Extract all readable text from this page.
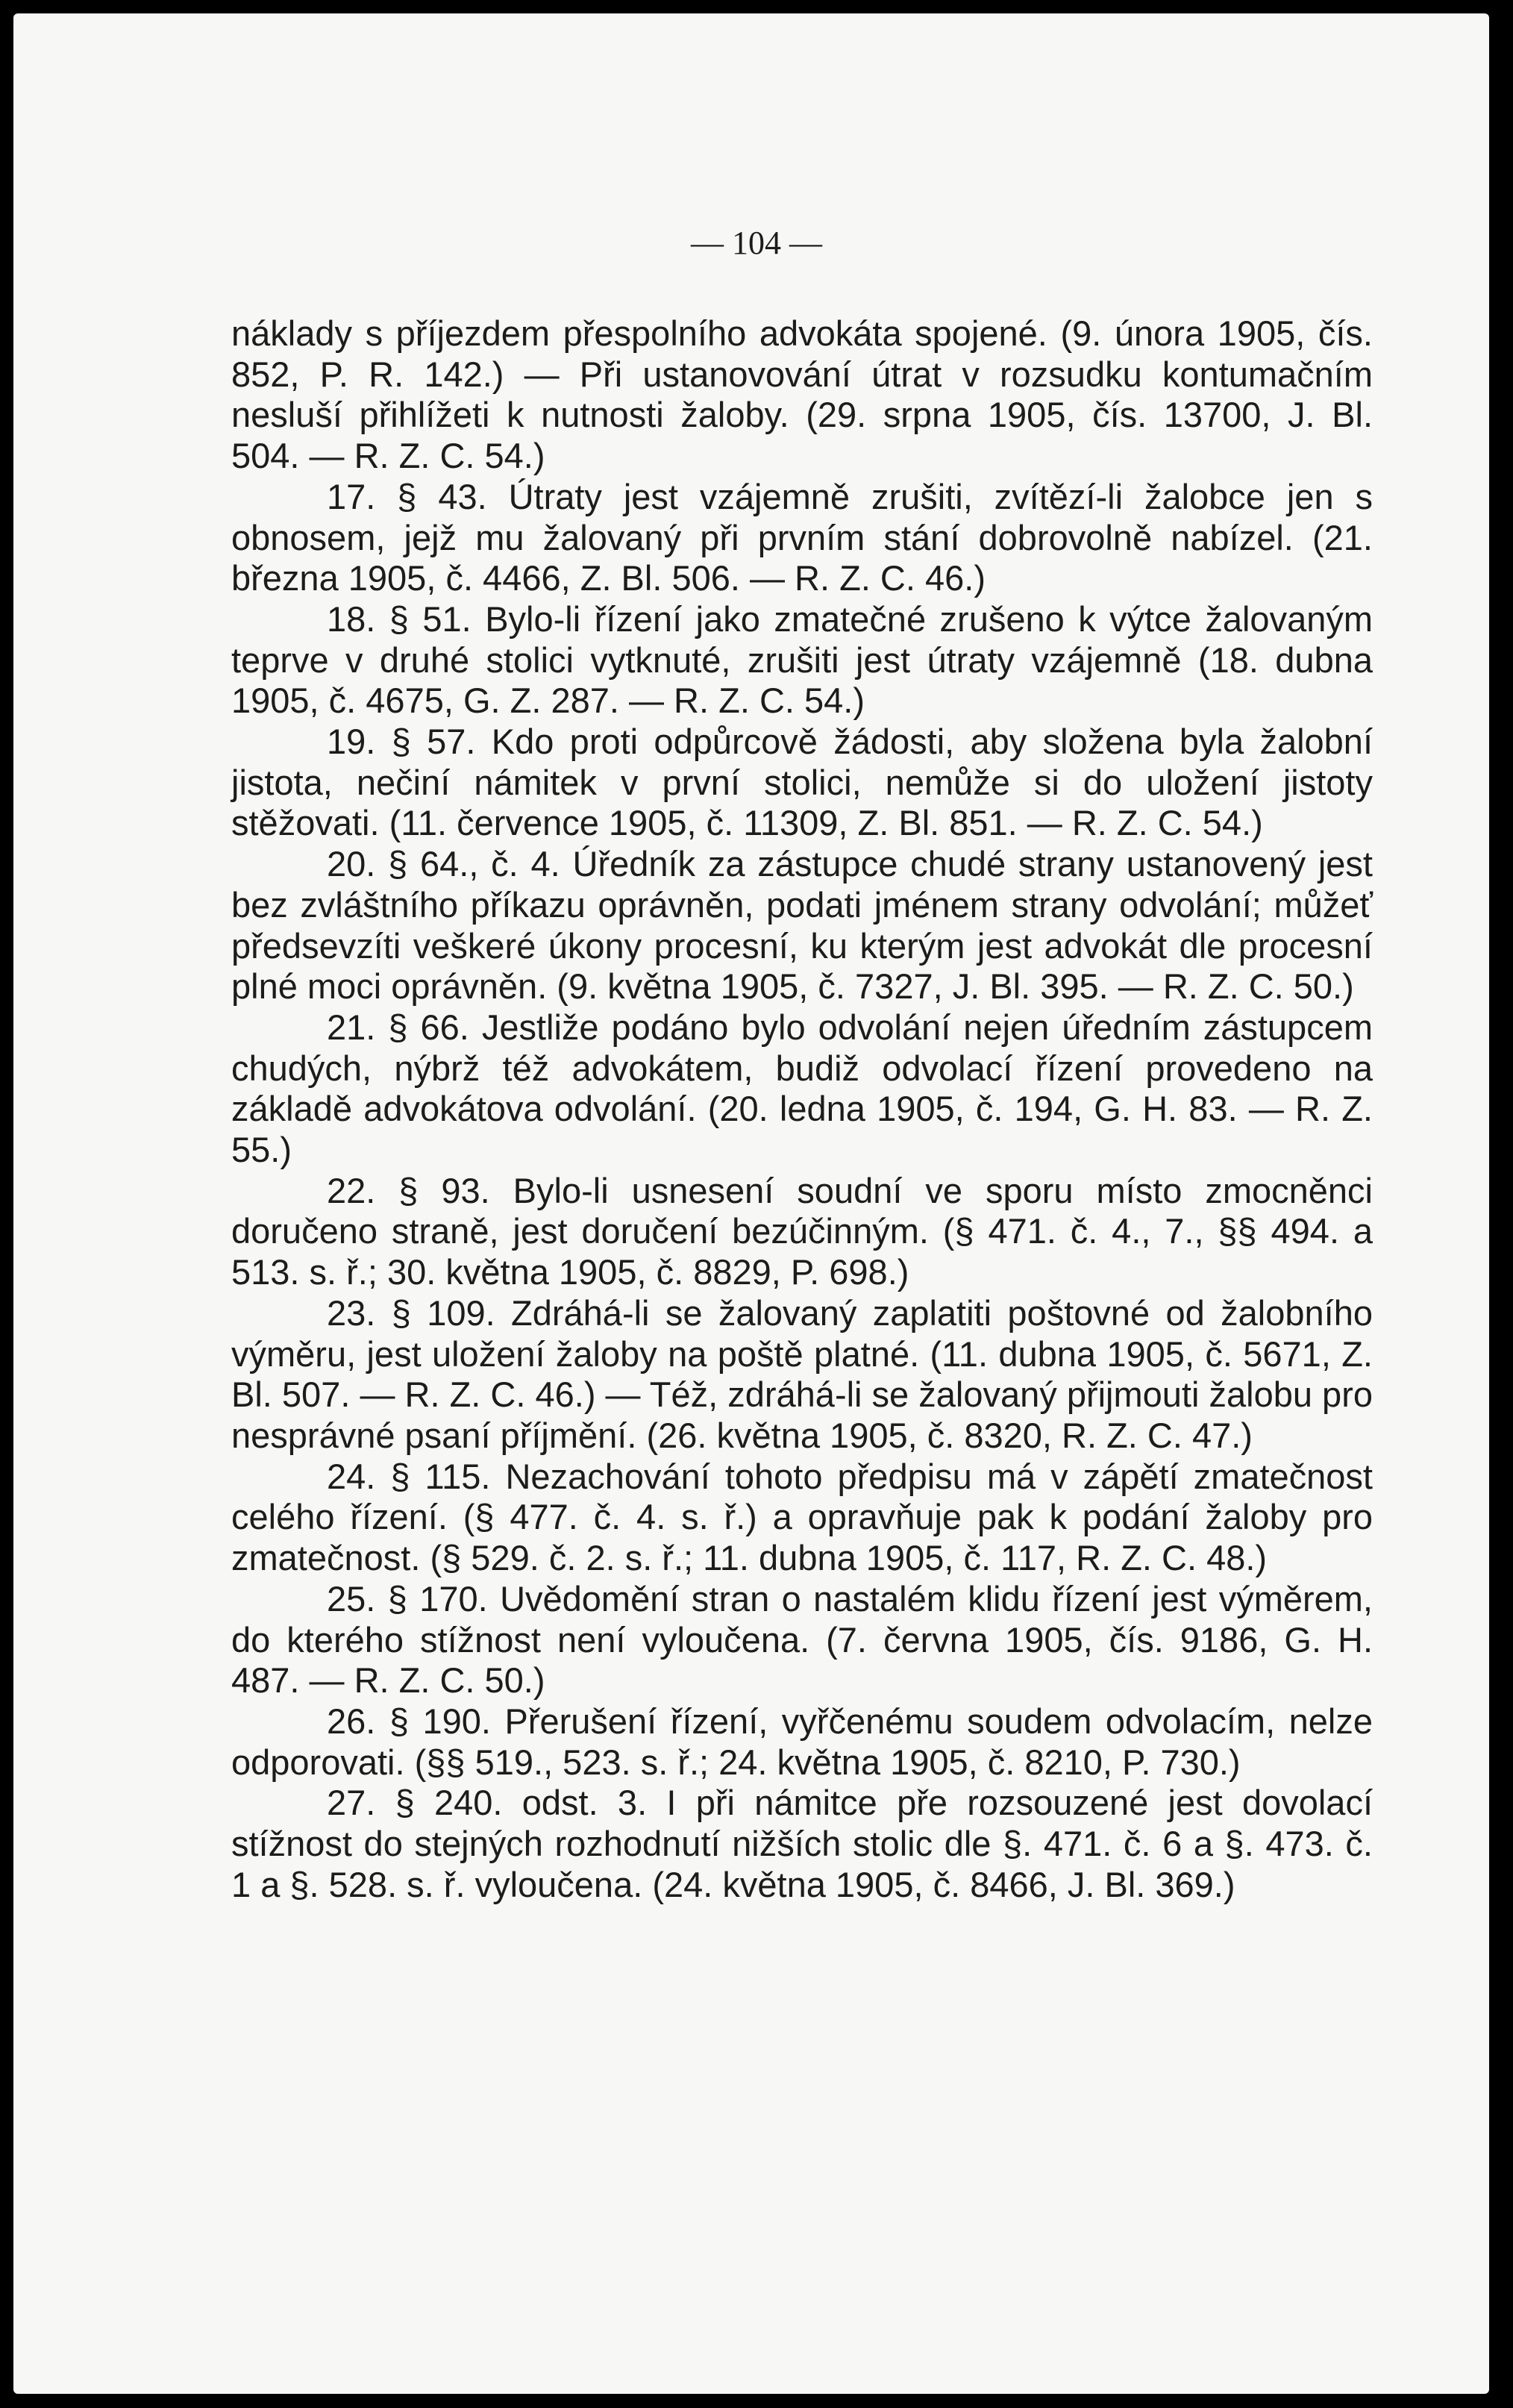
— 104 —

náklady s příjezdem přespolního advokáta spojené. (9. února 1905, čís. 852, P. R. 142.) — Při ustanovování útrat v rozsudku kontumačním nesluší přihlížeti k nutnosti žaloby. (29. srpna 1905, čís. 13700, J. Bl. 504. — R. Z. C. 54.)

17. § 43. Útraty jest vzájemně zrušiti, zvítězí-li žalobce jen s obnosem, jejž mu žalovaný při prvním stání dobrovolně nabízel. (21. března 1905, č. 4466, Z. Bl. 506. — R. Z. C. 46.)

18. § 51. Bylo-li řízení jako zmatečné zrušeno k výtce žalovaným teprve v druhé stolici vytknuté, zrušiti jest útraty vzájemně (18. dubna 1905, č. 4675, G. Z. 287. — R. Z. C. 54.)

19. § 57. Kdo proti odpůrcově žádosti, aby složena byla žalobní jistota, nečiní námitek v první stolici, nemůže si do uložení jistoty stěžovati. (11. července 1905, č. 11309, Z. Bl. 851. — R. Z. C. 54.)

20. § 64., č. 4. Úředník za zástupce chudé strany ustanovený jest bez zvláštního příkazu oprávněn, podati jménem strany odvolání; můžeť předsevzíti veškeré úkony procesní, ku kterým jest advokát dle procesní plné moci oprávněn. (9. května 1905, č. 7327, J. Bl. 395. — R. Z. C. 50.)

21. § 66. Jestliže podáno bylo odvolání nejen úředním zástupcem chudých, nýbrž též advokátem, budiž odvolací řízení provedeno na základě advokátova odvolání. (20. ledna 1905, č. 194, G. H. 83. — R. Z. 55.)

22. § 93. Bylo-li usnesení soudní ve sporu místo zmocněnci doručeno straně, jest doručení bezúčinným. (§ 471. č. 4., 7., §§ 494. a 513. s. ř.; 30. května 1905, č. 8829, P. 698.)

23. § 109. Zdráhá-li se žalovaný zaplatiti poštovné od žalobního výměru, jest uložení žaloby na poště platné. (11. dubna 1905, č. 5671, Z. Bl. 507. — R. Z. C. 46.) — Též, zdráhá-li se žalovaný přijmouti žalobu pro nesprávné psaní příjmění. (26. května 1905, č. 8320, R. Z. C. 47.)

24. § 115. Nezachování tohoto předpisu má v zápětí zmatečnost celého řízení. (§ 477. č. 4. s. ř.) a opravňuje pak k podání žaloby pro zmatečnost. (§ 529. č. 2. s. ř.; 11. dubna 1905, č. 117, R. Z. C. 48.)

25. § 170. Uvědomění stran o nastalém klidu řízení jest výměrem, do kterého stížnost není vyloučena. (7. června 1905, čís. 9186, G. H. 487. — R. Z. C. 50.)

26. § 190. Přerušení řízení, vyřčenému soudem odvolacím, nelze odporovati. (§§ 519., 523. s. ř.; 24. května 1905, č. 8210, P. 730.)

27. § 240. odst. 3. I při námitce pře rozsouzené jest dovolací stížnost do stejných rozhodnutí nižších stolic dle §. 471. č. 6 a §. 473. č. 1 a §. 528. s. ř. vyloučena. (24. května 1905, č. 8466, J. Bl. 369.)
